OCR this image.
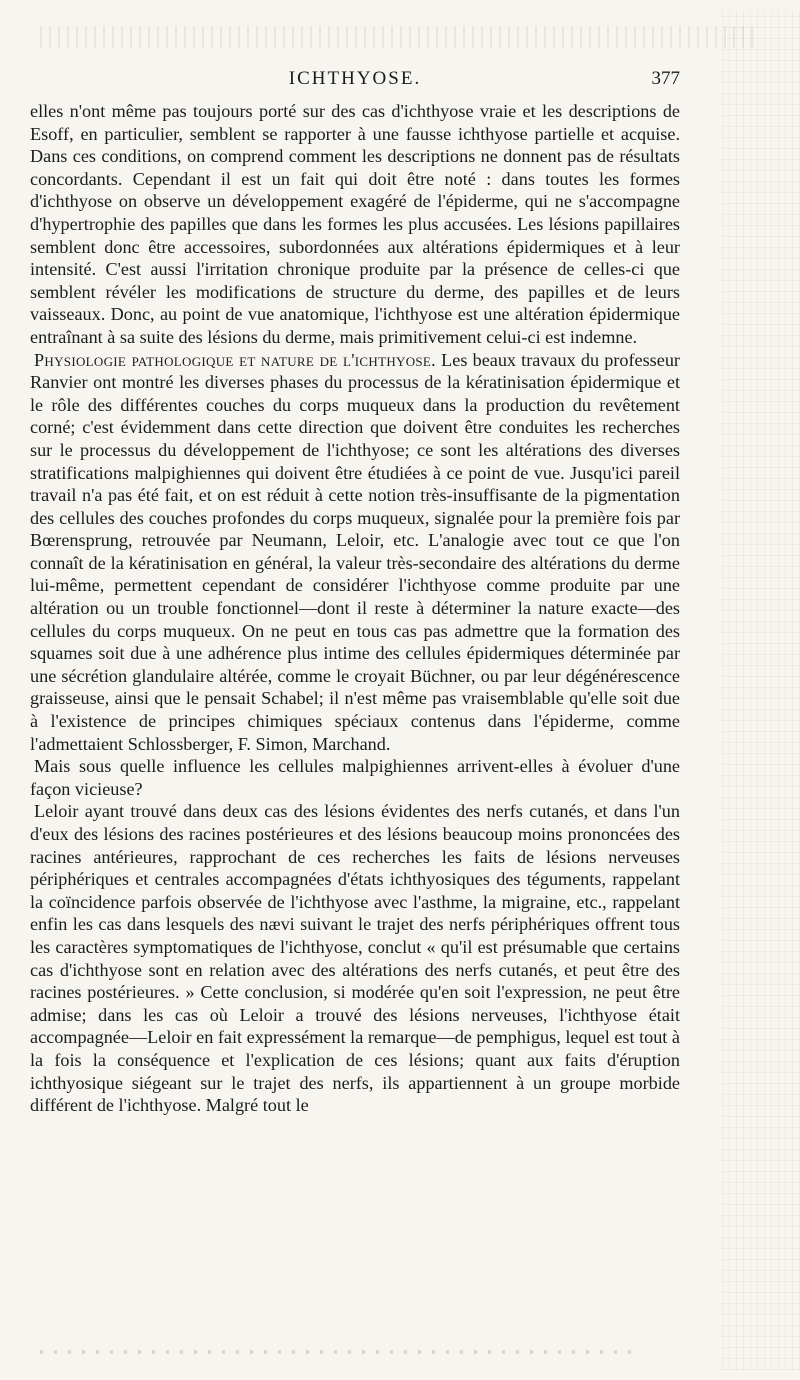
ICHTHYOSE.	377

elles n'ont même pas toujours porté sur des cas d'ichthyose vraie et les descriptions de Esoff, en particulier, semblent se rapporter à une fausse ichthyose partielle et acquise. Dans ces conditions, on comprend comment les descriptions ne donnent pas de résultats concordants. Cependant il est un fait qui doit être noté : dans toutes les formes d'ichthyose on observe un développement exagéré de l'épiderme, qui ne s'accompagne d'hypertrophie des papilles que dans les formes les plus accusées. Les lésions papillaires semblent donc être accessoires, subordonnées aux altérations épidermiques et à leur intensité. C'est aussi l'irritation chronique produite par la présence de celles-ci que semblent révéler les modifications de structure du derme, des papilles et de leurs vaisseaux. Donc, au point de vue anatomique, l'ichthyose est une altération épidermique entraînant à sa suite des lésions du derme, mais primitivement celui-ci est indemne.

Physiologie pathologique et nature de l'ichthyose. Les beaux travaux du professeur Ranvier ont montré les diverses phases du processus de la kératinisation épidermique et le rôle des différentes couches du corps muqueux dans la production du revêtement corné; c'est évidemment dans cette direction que doivent être conduites les recherches sur le processus du développement de l'ichthyose; ce sont les altérations des diverses stratifications malpighiennes qui doivent être étudiées à ce point de vue. Jusqu'ici pareil travail n'a pas été fait, et on est réduit à cette notion très-insuffisante de la pigmentation des cellules des couches profondes du corps muqueux, signalée pour la première fois par Bœrensprung, retrouvée par Neumann, Leloir, etc. L'analogie avec tout ce que l'on connaît de la kératinisation en général, la valeur très-secondaire des altérations du derme lui-même, permettent cependant de considérer l'ichthyose comme produite par une altération ou un trouble fonctionnel—dont il reste à déterminer la nature exacte—des cellules du corps muqueux. On ne peut en tous cas pas admettre que la formation des squames soit due à une adhérence plus intime des cellules épidermiques déterminée par une sécrétion glandulaire altérée, comme le croyait Büchner, ou par leur dégénérescence graisseuse, ainsi que le pensait Schabel; il n'est même pas vraisemblable qu'elle soit due à l'existence de principes chimiques spéciaux contenus dans l'épiderme, comme l'admettaient Schlossberger, F. Simon, Marchand.

Mais sous quelle influence les cellules malpighiennes arrivent-elles à évoluer d'une façon vicieuse?

Leloir ayant trouvé dans deux cas des lésions évidentes des nerfs cutanés, et dans l'un d'eux des lésions des racines postérieures et des lésions beaucoup moins prononcées des racines antérieures, rapprochant de ces recherches les faits de lésions nerveuses périphériques et centrales accompagnées d'états ichthyosiques des téguments, rappelant la coïncidence parfois observée de l'ichthyose avec l'asthme, la migraine, etc., rappelant enfin les cas dans lesquels des nævi suivant le trajet des nerfs périphériques offrent tous les caractères symptomatiques de l'ichthyose, conclut « qu'il est présumable que certains cas d'ichthyose sont en relation avec des altérations des nerfs cutanés, et peut être des racines postérieures. » Cette conclusion, si modérée qu'en soit l'expression, ne peut être admise; dans les cas où Leloir a trouvé des lésions nerveuses, l'ichthyose était accompagnée—Leloir en fait expressément la remarque—de pemphigus, lequel est tout à la fois la conséquence et l'explication de ces lésions; quant aux faits d'éruption ichthyosique siégeant sur le trajet des nerfs, ils appartiennent à un groupe morbide différent de l'ichthyose. Malgré tout le
